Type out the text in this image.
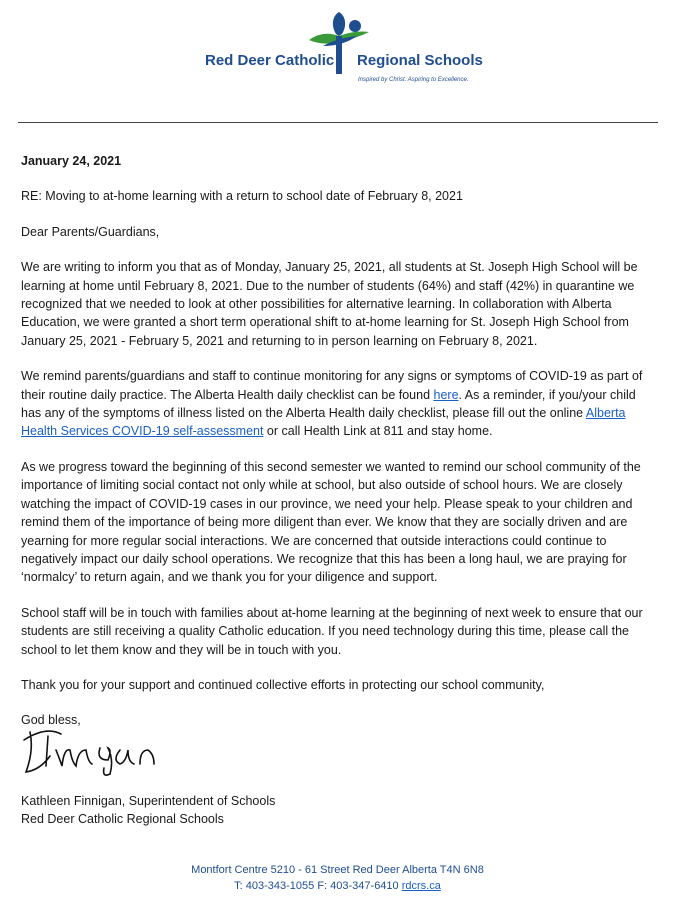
Red Deer Catholic Regional Schools
Inspired by Christ. Aspiring to Excellence.

January 24, 2021

RE: Moving to at-home learning with a return to school date of February 8, 2021

Dear Parents/Guardians,

We are writing to inform you that as of Monday, January 25, 2021, all students at St. Joseph High School will be learning at home until February 8, 2021. Due to the number of students (64%) and staff (42%) in quarantine we recognized that we needed to look at other possibilities for alternative learning. In collaboration with Alberta Education, we were granted a short term operational shift to at-home learning for St. Joseph High School from January 25, 2021 - February 5, 2021 and returning to in person learning on February 8, 2021.

We remind parents/guardians and staff to continue monitoring for any signs or symptoms of COVID-19 as part of their routine daily practice. The Alberta Health daily checklist can be found here. As a reminder, if you/your child has any of the symptoms of illness listed on the Alberta Health daily checklist, please fill out the online Alberta Health Services COVID-19 self-assessment or call Health Link at 811 and stay home.

As we progress toward the beginning of this second semester we wanted to remind our school community of the importance of limiting social contact not only while at school, but also outside of school hours. We are closely watching the impact of COVID-19 cases in our province, we need your help. Please speak to your children and remind them of the importance of being more diligent than ever. We know that they are socially driven and are yearning for more regular social interactions. We are concerned that outside interactions could continue to negatively impact our daily school operations. We recognize that this has been a long haul, we are praying for ‘normalcy’ to return again, and we thank you for your diligence and support.

School staff will be in touch with families about at-home learning at the beginning of next week to ensure that our students are still receiving a quality Catholic education. If you need technology during this time, please call the school to let them know and they will be in touch with you.

Thank you for your support and continued collective efforts in protecting our school community,

God bless,

Finnigan
Kathleen Finnigan, Superintendent of Schools
Red Deer Catholic Regional Schools
Montfort Centre 5210 - 61 Street Red Deer Alberta T4N 6N8
T: 403-343-1055 F: 403-347-6410 rdcrs.ca
